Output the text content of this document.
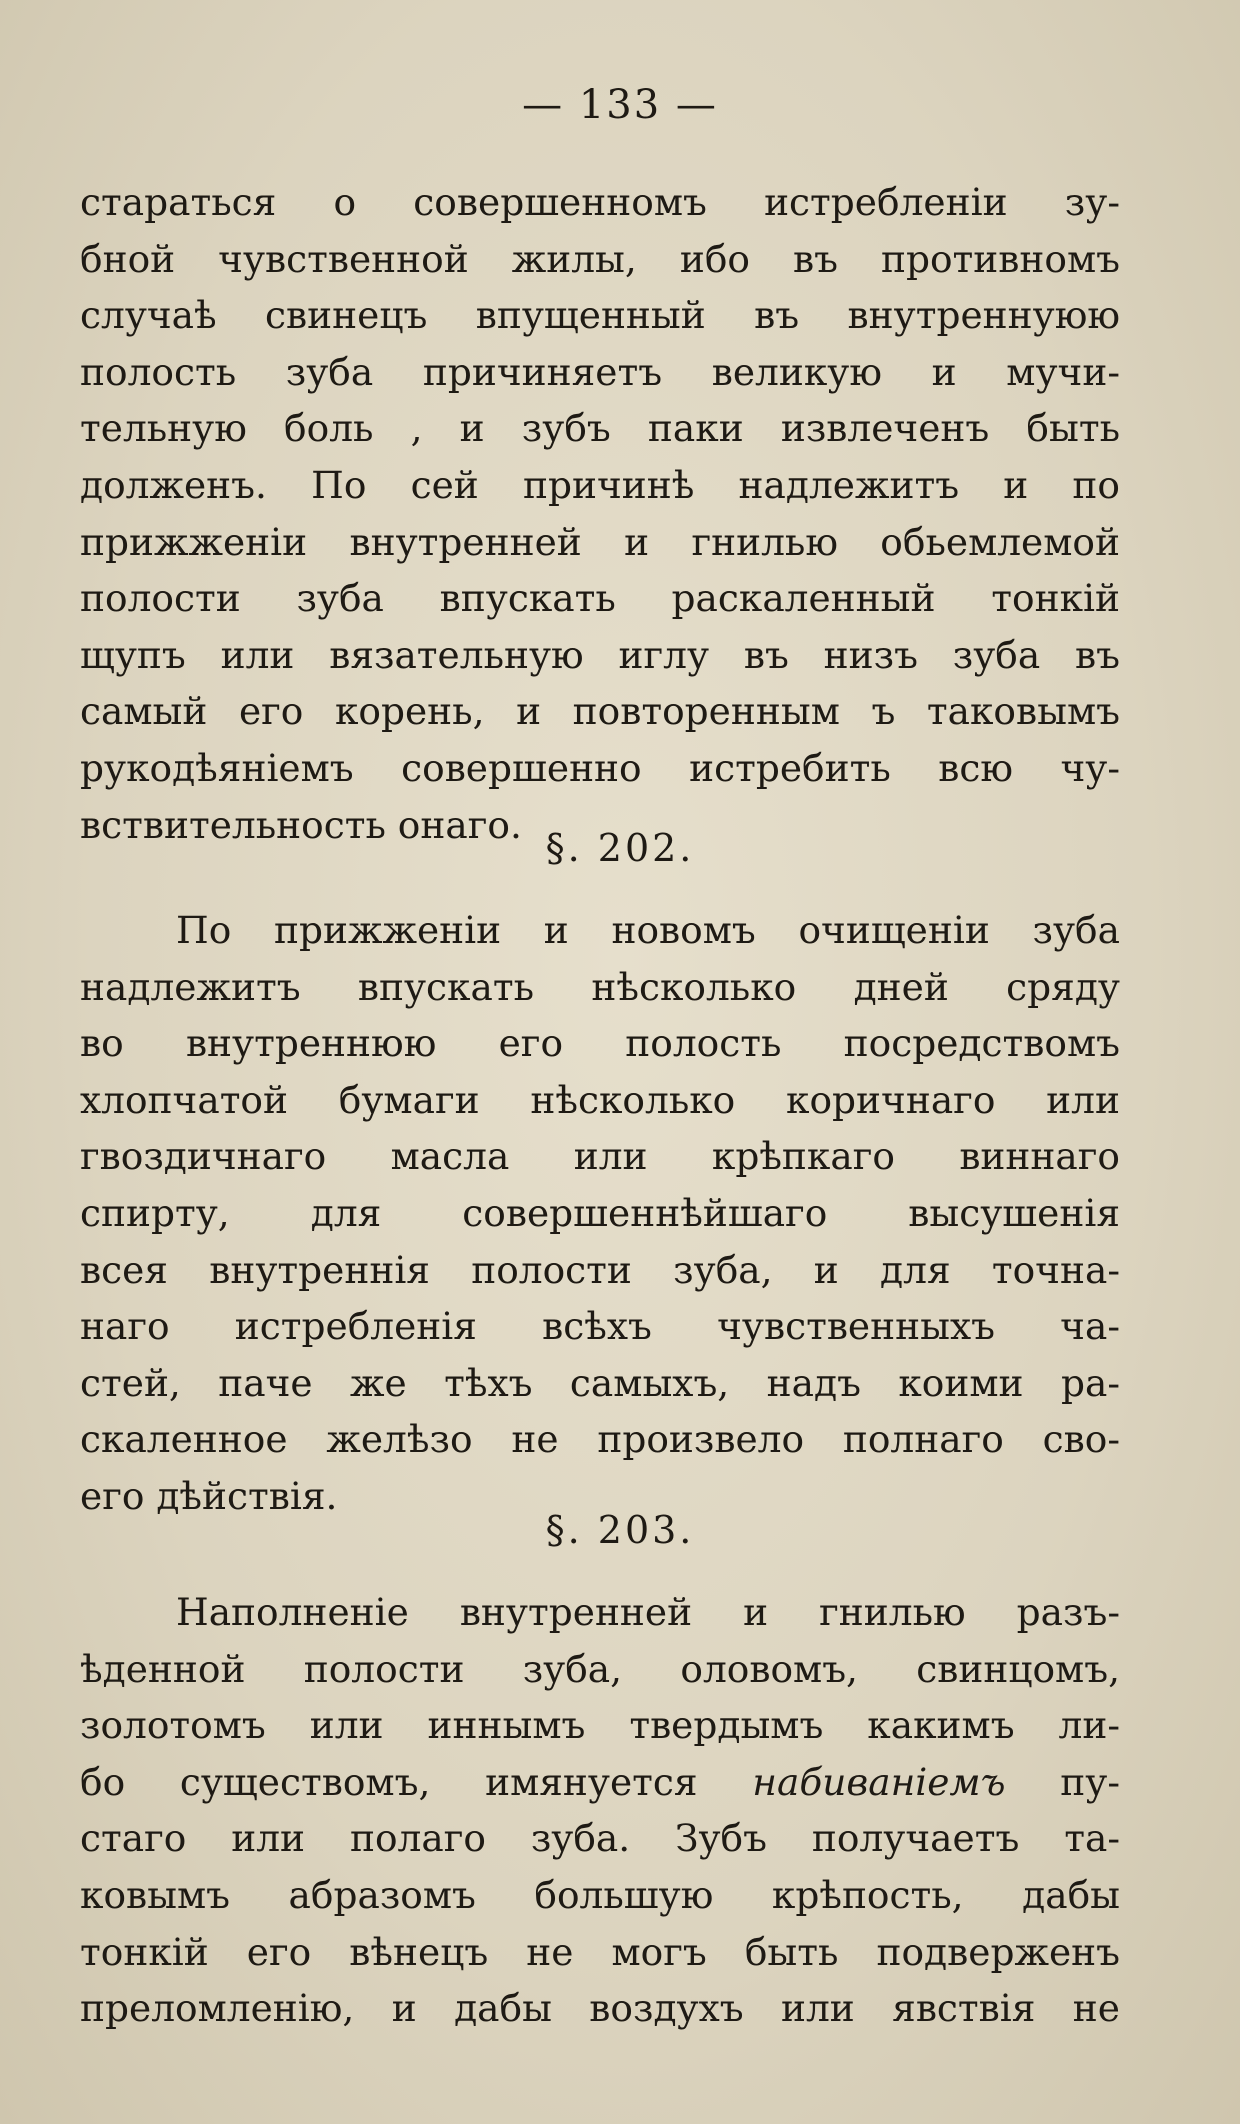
— 133 —

стараться о совершенномъ истребленіи зу-
бной чувственной жилы, ибо въ противномъ
случаѣ свинецъ впущенный въ внутреннуюю
полость зуба причиняетъ великую и мучи-
тельную боль , и зубъ паки извлеченъ быть
долженъ. По сей причинѣ надлежитъ и по
прижженіи внутренней и гнилью обьемлемой
полости зуба впускать раскаленный тонкій
щупъ или вязательную иглу въ низъ зуба въ
самый его корень, и повторенным ъ таковымъ
рукодѣяніемъ совершенно истребить всю чу-
вствительность онаго.

§. 202.

По прижженіи и новомъ очищеніи зуба
надлежитъ впускать нѣсколько дней сряду
во внутреннюю его полость посредствомъ
хлопчатой бумаги нѣсколько коричнаго или
гвоздичнаго масла или крѣпкаго виннаго
спирту, для совершеннѣйшаго высушенія
всея внутреннія полости зуба, и для точна-
наго истребленія всѣхъ чувственныхъ ча-
стей, паче же тѣхъ самыхъ, надъ коими ра-
скаленное желѣзо не произвело полнаго сво-
его дѣйствія.

§. 203.

Наполненіе внутренней и гнилью разъ-
ѣденной полости зуба, оловомъ, свинцомъ,
золотомъ или иннымъ твердымъ какимъ ли-
бо существомъ, имянуется набиваніемъ пу-
стаго или полаго зуба. Зубъ получаетъ та-
ковымъ абразомъ большую крѣпость, дабы
тонкій его вѣнецъ не могъ быть подверженъ
преломленію, и дабы воздухъ или явствія не
